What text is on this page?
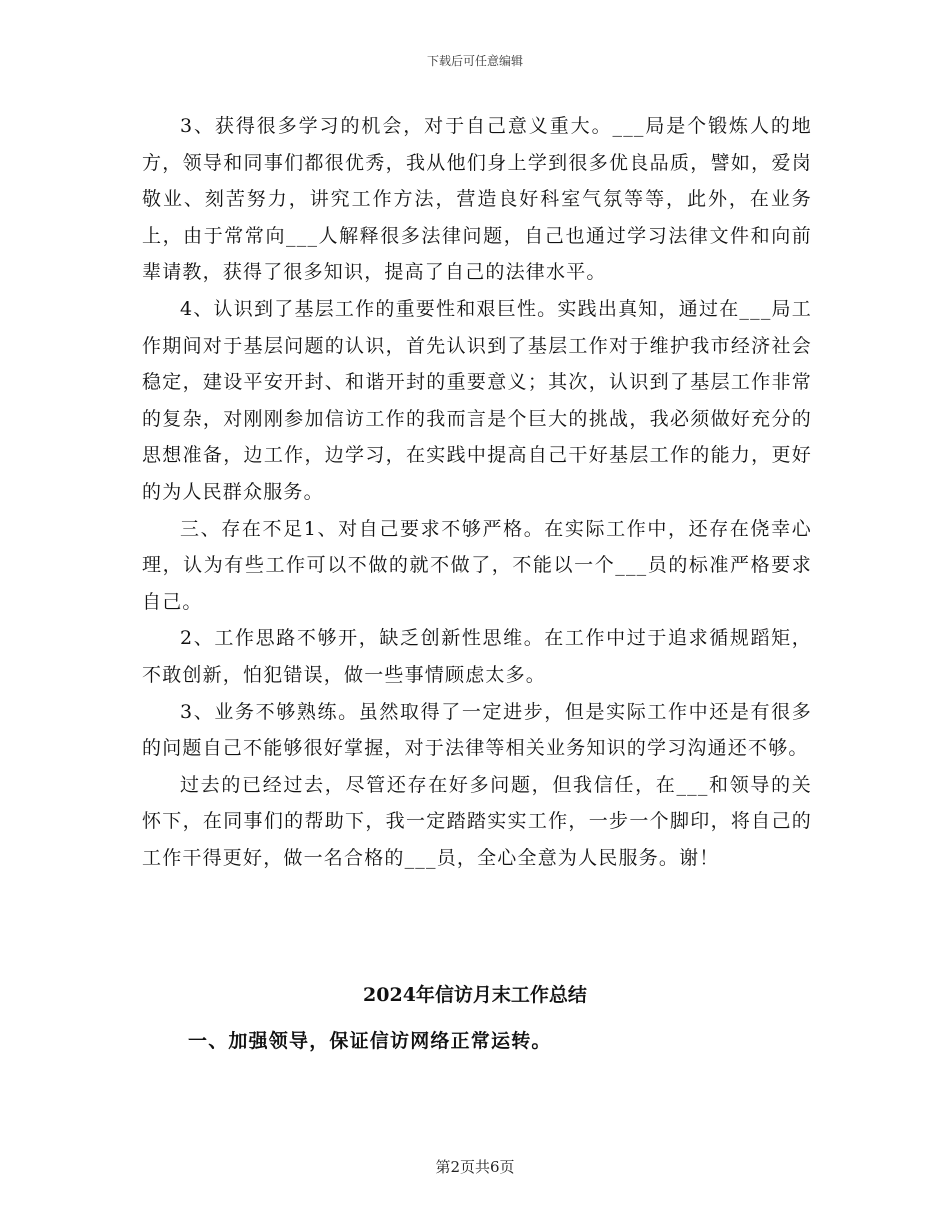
下载后可任意编辑

3、获得很多学习的机会，对于自己意义重大。___局是个锻炼人的地方，领导和同事们都很优秀，我从他们身上学到很多优良品质，譬如，爱岗敬业、刻苦努力，讲究工作方法，营造良好科室气氛等等，此外，在业务上，由于常常向___人解释很多法律问题，自己也通过学习法律文件和向前辈请教，获得了很多知识，提高了自己的法律水平。

4、认识到了基层工作的重要性和艰巨性。实践出真知，通过在___局工作期间对于基层问题的认识，首先认识到了基层工作对于维护我市经济社会稳定，建设平安开封、和谐开封的重要意义；其次，认识到了基层工作非常的复杂，对刚刚参加信访工作的我而言是个巨大的挑战，我必须做好充分的思想准备，边工作，边学习，在实践中提高自己干好基层工作的能力，更好的为人民群众服务。

三、存在不足1、对自己要求不够严格。在实际工作中，还存在侥幸心理，认为有些工作可以不做的就不做了，不能以一个___员的标准严格要求自己。

2、工作思路不够开，缺乏创新性思维。在工作中过于追求循规蹈矩，不敢创新，怕犯错误，做一些事情顾虑太多。

3、业务不够熟练。虽然取得了一定进步，但是实际工作中还是有很多的问题自己不能够很好掌握，对于法律等相关业务知识的学习沟通还不够。

过去的已经过去，尽管还存在好多问题，但我信任，在___和领导的关怀下，在同事们的帮助下，我一定踏踏实实工作，一步一个脚印，将自己的工作干得更好，做一名合格的___员，全心全意为人民服务。谢！

2024年信访月末工作总结
一、加强领导，保证信访网络正常运转。
第2页共6页
